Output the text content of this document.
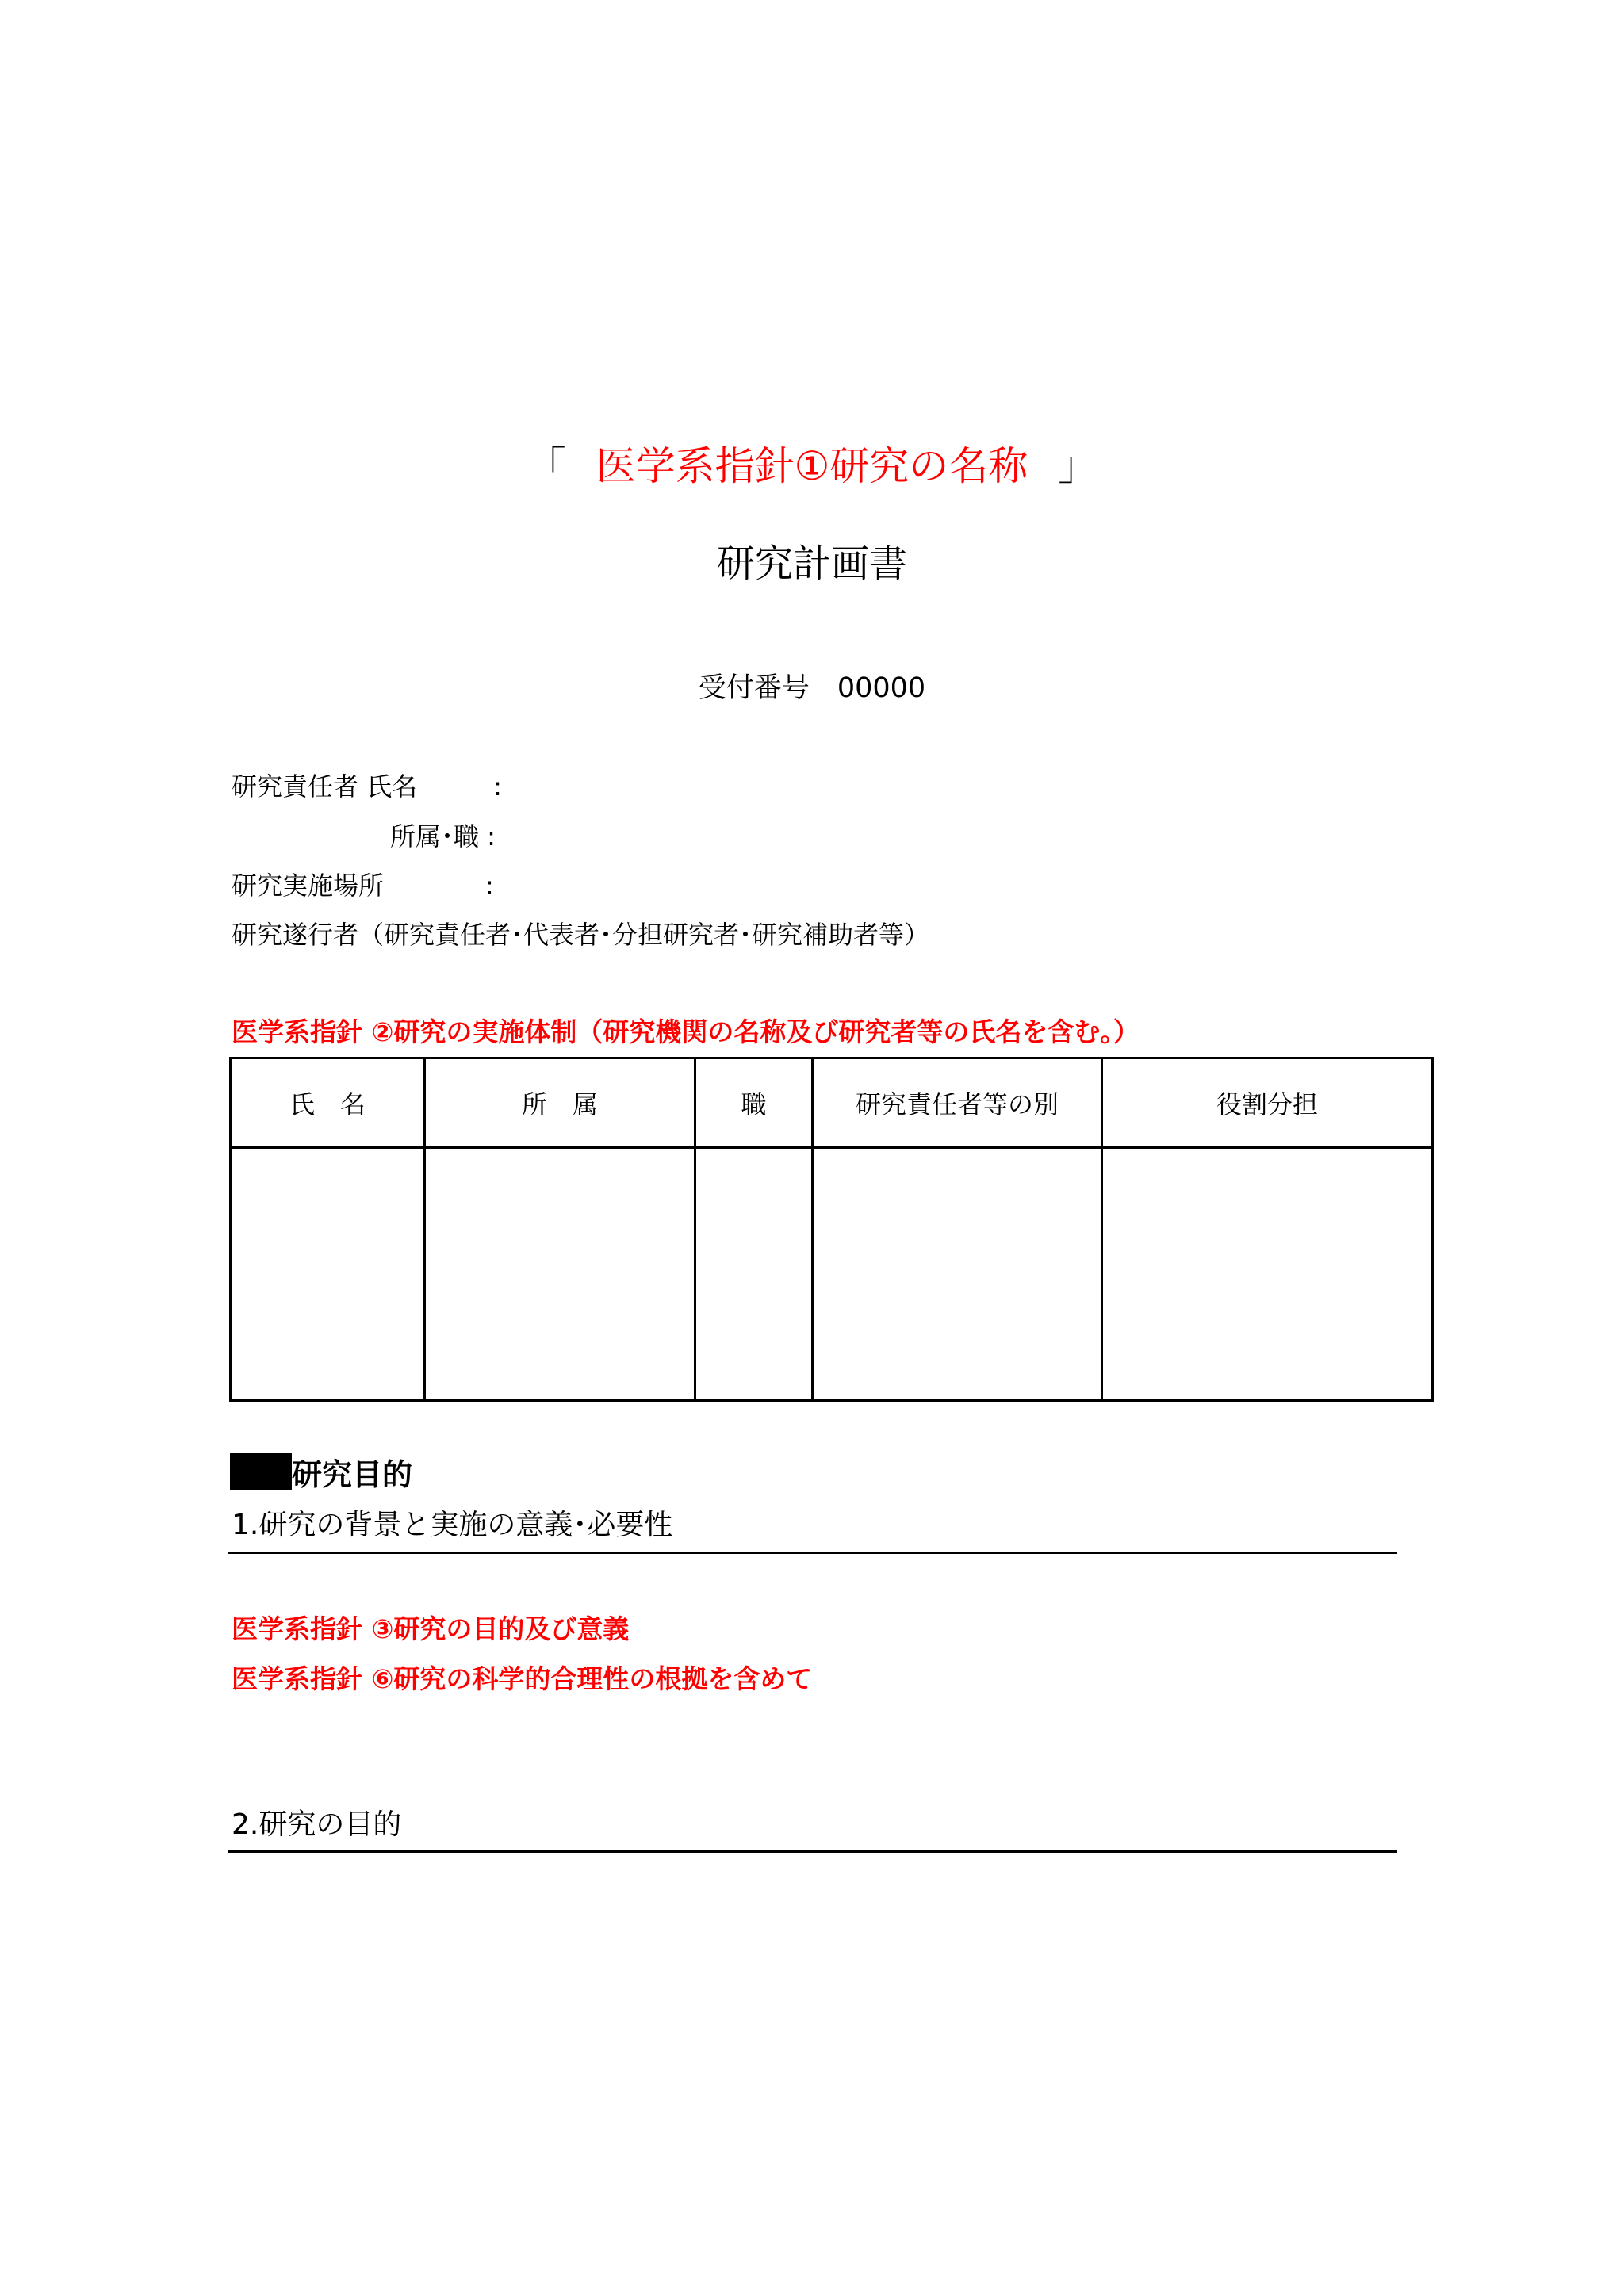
「 医学系指針①研究の名称 」
研究計画書
受付番号　00000
研究責任者 氏名　　　:
所属･職 :
研究実施場所　　　　:
研究遂行者（研究責任者･代表者･分担研究者･研究補助者等）
医学系指針 ②研究の実施体制（研究機関の名称及び研究者等の氏名を含む。）
氏　名	所　属	職	研究責任者等の別	役割分担

研究目的
1.研究の背景と実施の意義･必要性
医学系指針 ③研究の目的及び意義
医学系指針 ⑥研究の科学的合理性の根拠を含めて
2.研究の目的
